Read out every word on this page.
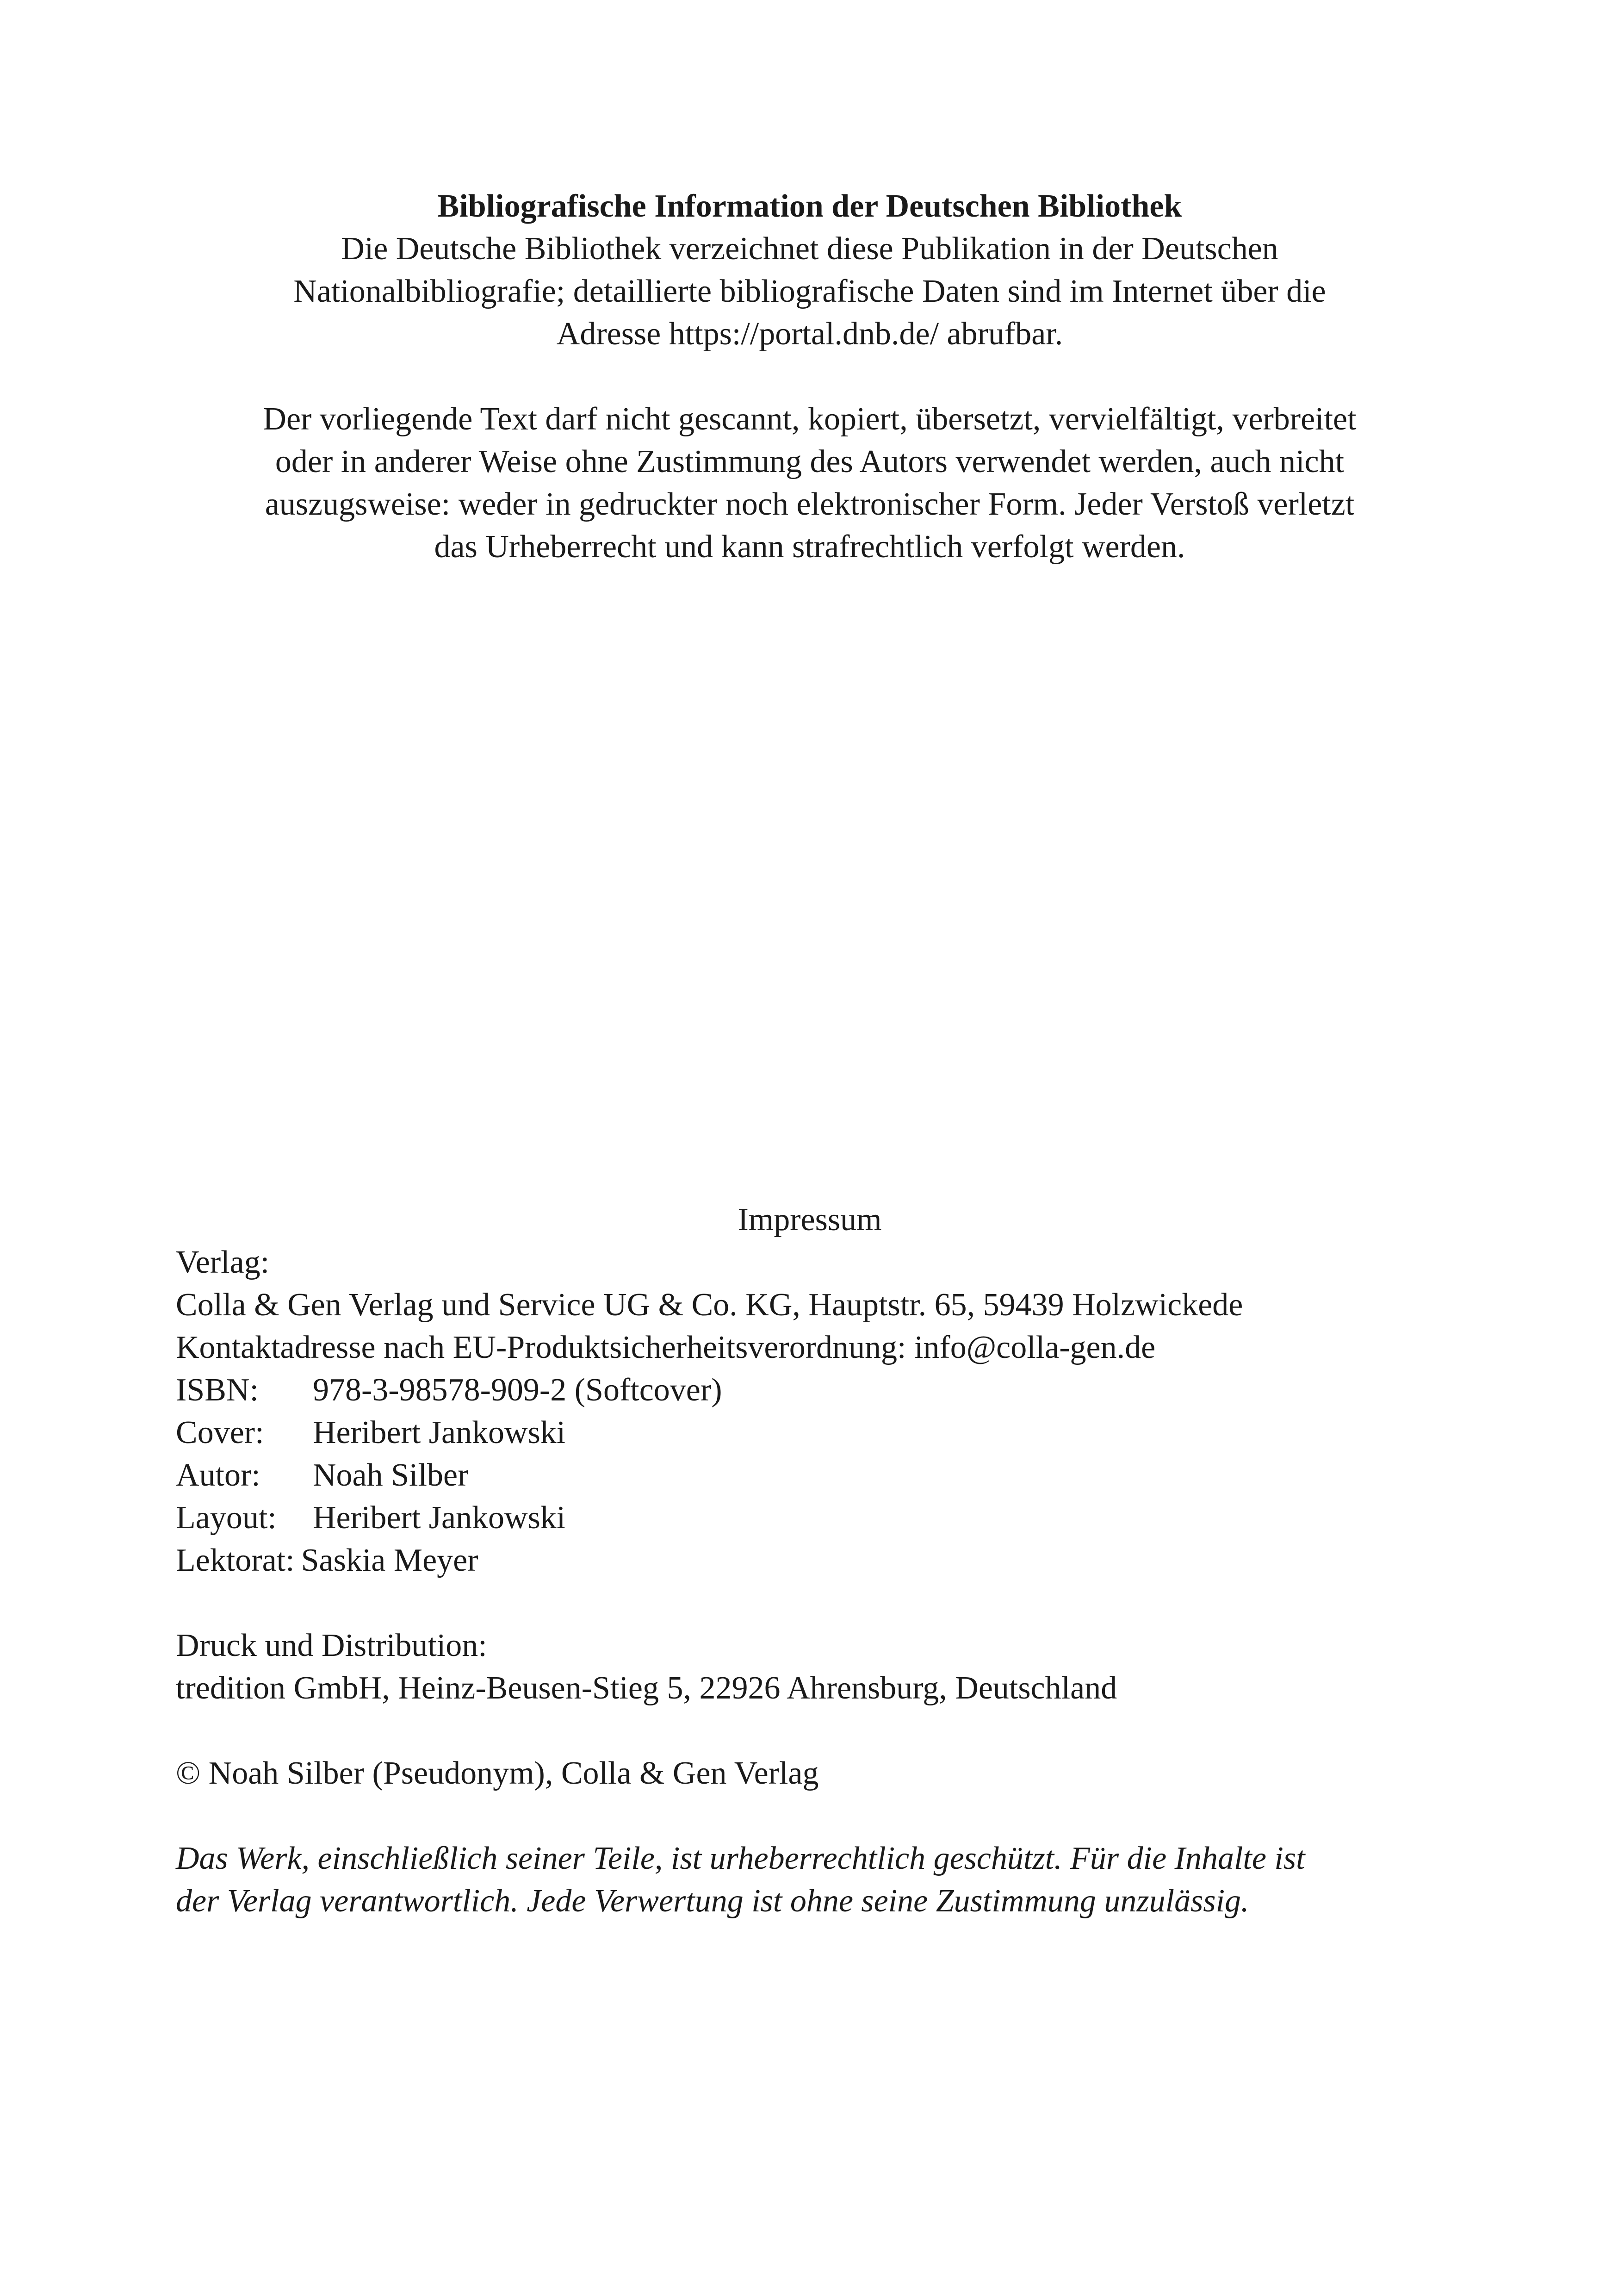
Bibliografische Information der Deutschen Bibliothek

Die Deutsche Bibliothek verzeichnet diese Publikation in der Deutschen

Nationalbibliografie; detaillierte bibliografische Daten sind im Internet über die

Adresse https://portal.dnb.de/ abrufbar.

Der vorliegende Text darf nicht gescannt, kopiert, übersetzt, vervielfältigt, verbreitet

oder in anderer Weise ohne Zustimmung des Autors verwendet werden, auch nicht

auszugsweise: weder in gedruckter noch elektronischer Form. Jeder Verstoß verletzt

das Urheberrecht und kann strafrechtlich verfolgt werden.

Impressum

Verlag:

Colla & Gen Verlag und Service UG & Co. KG, Hauptstr. 65, 59439 Holzwickede

Kontaktadresse nach EU-Produktsicherheitsverordnung: info@colla-gen.de

ISBN:	978-3-98578-909-2 (Softcover)
Cover:	Heribert Jankowski
Autor:	Noah Silber
Layout:	Heribert Jankowski
Lektorat: Saskia Meyer

Druck und Distribution:

tredition GmbH, Heinz-Beusen-Stieg 5, 22926 Ahrensburg, Deutschland

© Noah Silber (Pseudonym), Colla & Gen Verlag

Das Werk, einschließlich seiner Teile, ist urheberrechtlich geschützt. Für die Inhalte ist

der Verlag verantwortlich. Jede Verwertung ist ohne seine Zustimmung unzulässig.
